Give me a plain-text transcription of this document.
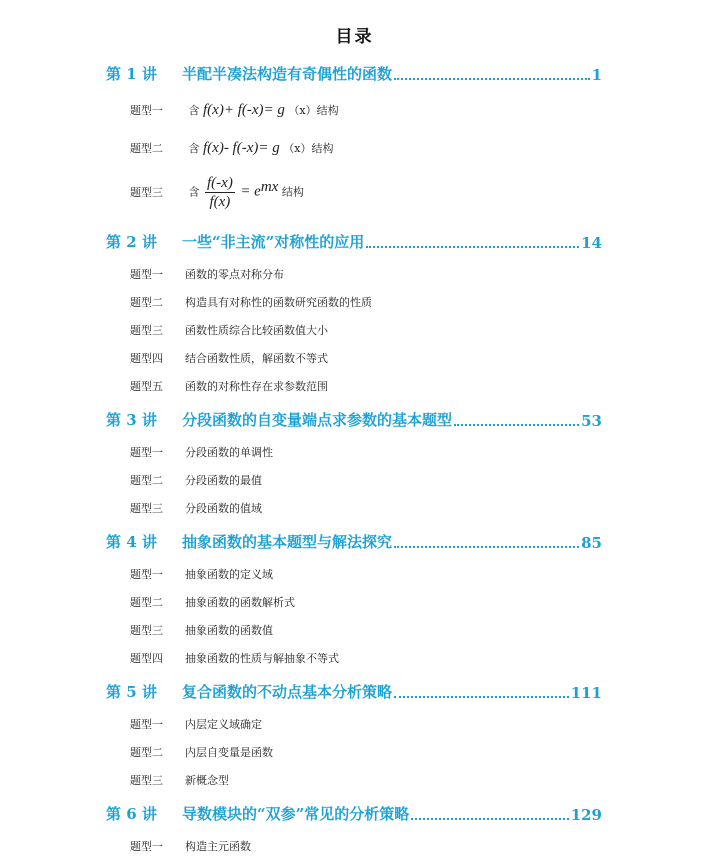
目录
第 1 讲	半配半凑法构造有奇偶性的函数	1
题型一 含 f(x)+ f(-x)= g （x）结构
题型二 含 f(x)- f(-x)= g （x）结构
题型三 含 $\frac{f(-x)}{f(x)} = e^{mx}$ 结构
第 2 讲	一些“非主流”对称性的应用	14
题型一 函数的零点对称分布
题型二 构造具有对称性的函数研究函数的性质
题型三 函数性质综合比较函数值大小
题型四 结合函数性质，解函数不等式
题型五 函数的对称性存在求参数范围
第 3 讲	分段函数的自变量端点求参数的基本题型	53
题型一 分段函数的单调性
题型二 分段函数的最值
题型三 分段函数的值域
第 4 讲	抽象函数的基本题型与解法探究	85
题型一 抽象函数的定义域
题型二 抽象函数的函数解析式
题型三 抽象函数的函数值
题型四 抽象函数的性质与解抽象不等式
第 5 讲	复合函数的不动点基本分析策略	111
题型一 内层定义域确定
题型二 内层自变量是函数
题型三 新概念型
第 6 讲	导数模块的“双参”常见的分析策略	129
题型一 构造主元函数
